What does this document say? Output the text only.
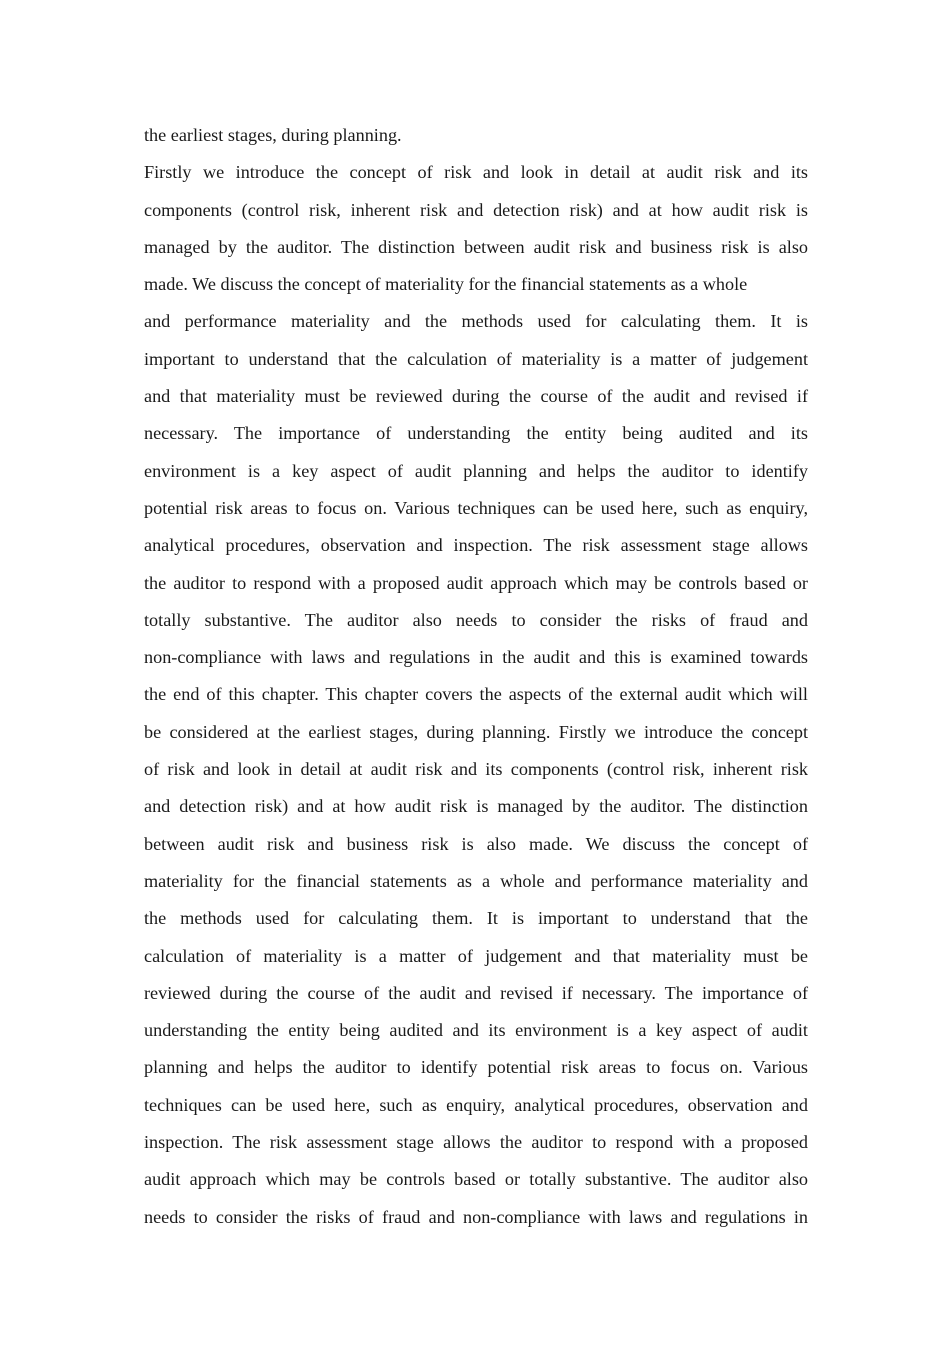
the earliest stages, during planning.
Firstly we introduce the concept of risk and look in detail at audit risk and its
components (control risk, inherent risk and detection risk) and at how audit risk is
managed by the auditor. The distinction between audit risk and business risk is also
made. We discuss the concept of materiality for the financial statements as a whole
and performance materiality and the methods used for calculating them. It is
important to understand that the calculation of materiality is a matter of judgement
and that materiality must be reviewed during the course of the audit and revised if
necessary. The importance of understanding the entity being audited and its
environment is a key aspect of audit planning and helps the auditor to identify
potential risk areas to focus on. Various techniques can be used here, such as enquiry,
analytical procedures, observation and inspection. The risk assessment stage allows
the auditor to respond with a proposed audit approach which may be controls based or
totally substantive. The auditor also needs to consider the risks of fraud and
non-compliance with laws and regulations in the audit and this is examined towards
the end of this chapter. This chapter covers the aspects of the external audit which will
be considered at the earliest stages, during planning. Firstly we introduce the concept
of risk and look in detail at audit risk and its components (control risk, inherent risk
and detection risk) and at how audit risk is managed by the auditor. The distinction
between audit risk and business risk is also made. We discuss the concept of
materiality for the financial statements as a whole and performance materiality and
the methods used for calculating them. It is important to understand that the
calculation of materiality is a matter of judgement and that materiality must be
reviewed during the course of the audit and revised if necessary. The importance of
understanding the entity being audited and its environment is a key aspect of audit
planning and helps the auditor to identify potential risk areas to focus on. Various
techniques can be used here, such as enquiry, analytical procedures, observation and
inspection. The risk assessment stage allows the auditor to respond with a proposed
audit approach which may be controls based or totally substantive. The auditor also
needs to consider the risks of fraud and non-compliance with laws and regulations in
